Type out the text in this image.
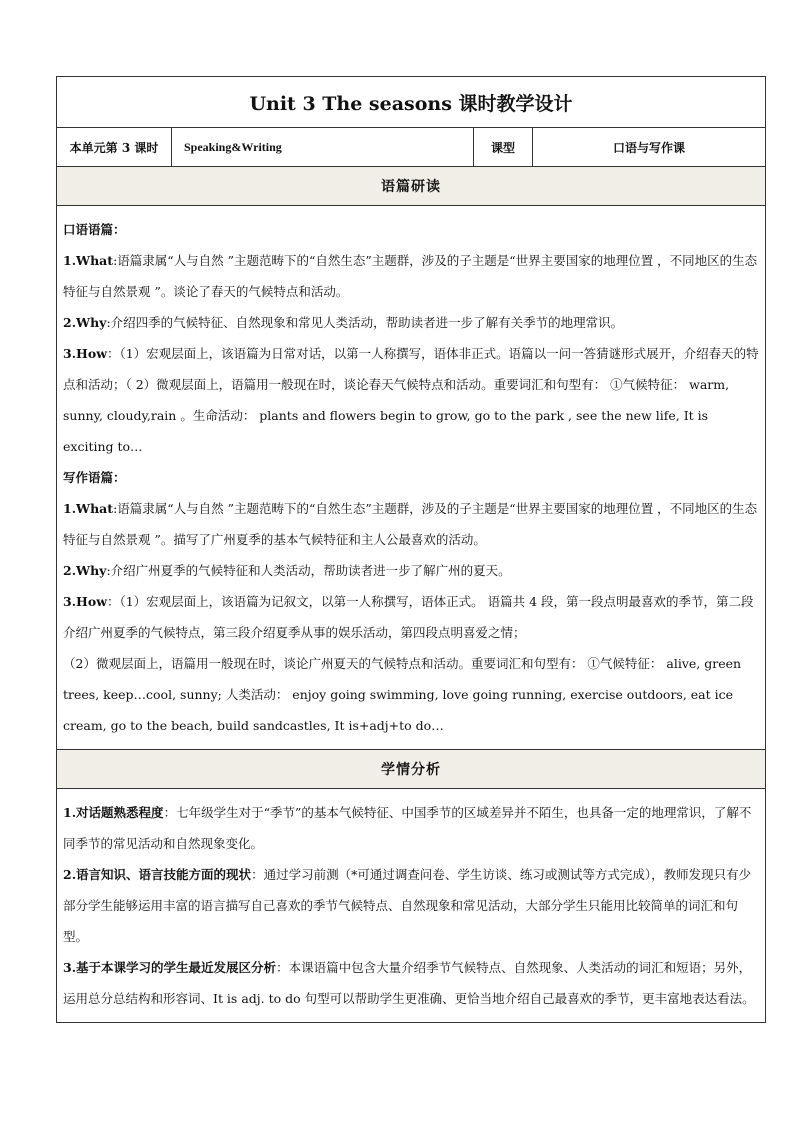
Unit 3 The seasons 课时教学设计
本单元第 3 课时	Speaking&Writing	课型	口语与写作课
语篇研读

口语语篇：

1.What:语篇隶属“人与自然 ”主题范畴下的“自然生态”主题群，涉及的子主题是“世界主要国家的地理位置 ，不同地区的生态特征与自然景观 ”。谈论了春天的气候特点和活动。

2.Why:介绍四季的气候特征、自然现象和常见人类活动，帮助读者进一步了解有关季节的地理常识。

3.How：（1）宏观层面上，该语篇为日常对话，以第一人称撰写，语体非正式。语篇以一问一答猜谜形式展开，介绍春天的特点和活动；（ 2）微观层面上，语篇用一般现在时，谈论春天气候特点和活动。重要词汇和句型有： ①气候特征： warm, sunny, cloudy,rain 。生命活动： plants and flowers begin to grow, go to the park , see the new life, It is exciting to…

写作语篇：

1.What:语篇隶属“人与自然 ”主题范畴下的“自然生态”主题群，涉及的子主题是“世界主要国家的地理位置 ，不同地区的生态特征与自然景观 ”。描写了广州夏季的基本气候特征和主人公最喜欢的活动。

2.Why:介绍广州夏季的气候特征和人类活动，帮助读者进一步了解广州的夏天。

3.How：（1）宏观层面上，该语篇为记叙文，以第一人称撰写，语体正式。 语篇共 4 段，第一段点明最喜欢的季节，第二段介绍广州夏季的气候特点，第三段介绍夏季从事的娱乐活动，第四段点明喜爱之情；

（2）微观层面上，语篇用一般现在时，谈论广州夏天的气候特点和活动。重要词汇和句型有： ①气候特征： alive, green trees, keep…cool, sunny; 人类活动： enjoy going swimming, love going running, exercise outdoors, eat ice cream, go to the beach, build sandcastles, It is+adj+to do…

学情分析

1.对话题熟悉程度：七年级学生对于“季节”的基本气候特征、中国季节的区域差异并不陌生，也具备一定的地理常识，了解不同季节的常见活动和自然现象变化。

2.语言知识、语言技能方面的现状：通过学习前测（*可通过调查问卷、学生访谈、练习或测试等方式完成），教师发现只有少部分学生能够运用丰富的语言描写自己喜欢的季节气候特点、自然现象和常见活动，大部分学生只能用比较简单的词汇和句型。

3.基于本课学习的学生最近发展区分析：本课语篇中包含大量介绍季节气候特点、自然现象、人类活动的词汇和短语；另外，运用总分总结构和形容词、It is adj. to do 句型可以帮助学生更准确、更恰当地介绍自己最喜欢的季节，更丰富地表达看法。
